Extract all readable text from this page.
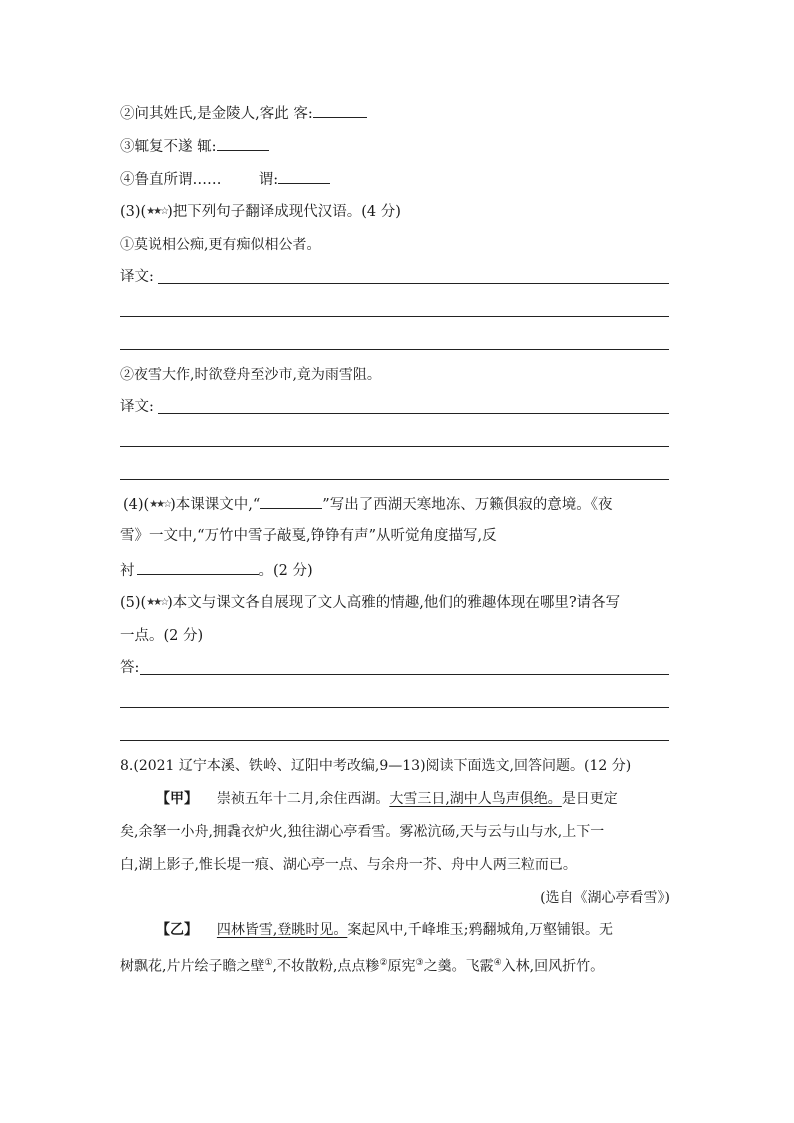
②问其姓氏,是金陵人,客此 客:
③辄复不遂 辄:
④鲁直所谓……	谓:
(3)(★★☆)把下列句子翻译成现代汉语。(4 分)
①莫说相公痴,更有痴似相公者。
译文:
②夜雪大作,时欲登舟至沙市,竟为雨雪阻。
译文:
(4)(★★☆)本课课文中,“	”写出了西湖天寒地冻、万籁俱寂的意境。《夜
雪》一文中,“万竹中雪子敲戛,铮铮有声”从听觉角度描写,反
衬	。(2 分)
(5)(★★☆)本文与课文各自展现了文人高雅的情趣,他们的雅趣体现在哪里?请各写
一点。(2 分)
答:
8.(2021 辽宁本溪、铁岭、辽阳中考改编,9—13)阅读下面选文,回答问题。(12 分)
【甲】 崇祯五年十二月,余住西湖。大雪三日,湖中人鸟声俱绝。是日更定
矣,余拏一小舟,拥毳衣炉火,独往湖心亭看雪。雾凇沆砀,天与云与山与水,上下一
白,湖上影子,惟长堤一痕、湖心亭一点、与余舟一芥、舟中人两三粒而已。
(选自《湖心亭看雪》)
【乙】 四林皆雪,登眺时见。案起风中,千峰堆玉;鸦翻城角,万壑铺银。无
树飘花,片片绘子瞻之壁①,不妆散粉,点点糁②原宪③之羹。飞霰④入林,回风折竹。
